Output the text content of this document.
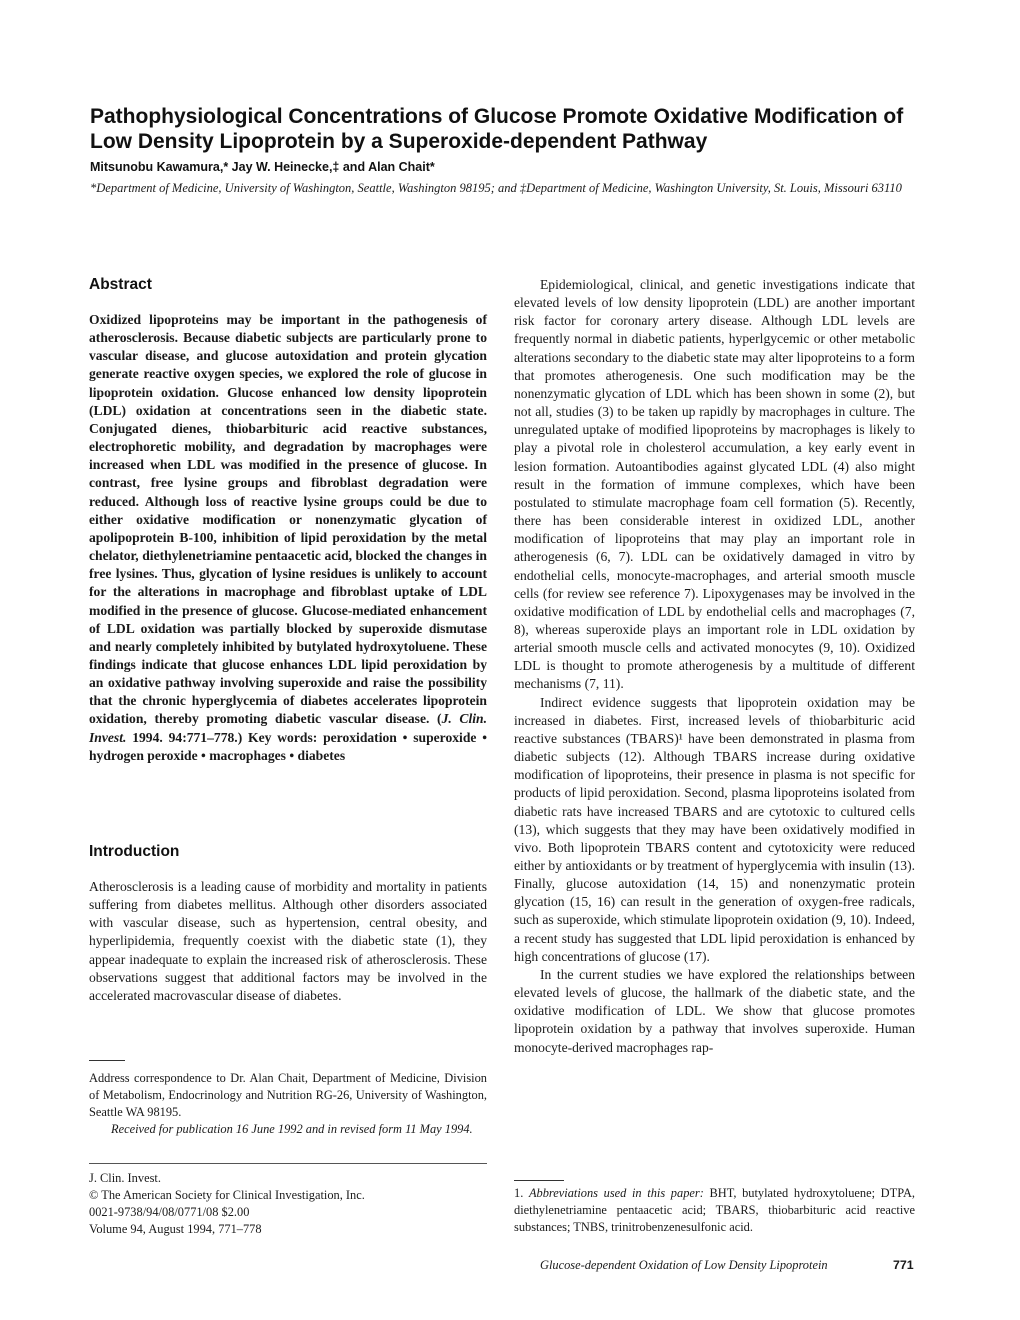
Pathophysiological Concentrations of Glucose Promote Oxidative Modification of Low Density Lipoprotein by a Superoxide-dependent Pathway

Mitsunobu Kawamura,* Jay W. Heinecke,‡ and Alan Chait*

*Department of Medicine, University of Washington, Seattle, Washington 98195; and ‡Department of Medicine, Washington University, St. Louis, Missouri 63110

Abstract

Oxidized lipoproteins may be important in the pathogenesis of atherosclerosis. Because diabetic subjects are particularly prone to vascular disease, and glucose autoxidation and protein glycation generate reactive oxygen species, we explored the role of glucose in lipoprotein oxidation. Glucose enhanced low density lipoprotein (LDL) oxidation at concentrations seen in the diabetic state. Conjugated dienes, thiobarbituric acid reactive substances, electrophoretic mobility, and degradation by macrophages were increased when LDL was modified in the presence of glucose. In contrast, free lysine groups and fibroblast degradation were reduced. Although loss of reactive lysine groups could be due to either oxidative modification or nonenzymatic glycation of apolipoprotein B-100, inhibition of lipid peroxidation by the metal chelator, diethylenetriamine pentaacetic acid, blocked the changes in free lysines. Thus, glycation of lysine residues is unlikely to account for the alterations in macrophage and fibroblast uptake of LDL modified in the presence of glucose. Glucose-mediated enhancement of LDL oxidation was partially blocked by superoxide dismutase and nearly completely inhibited by butylated hydroxytoluene. These findings indicate that glucose enhances LDL lipid peroxidation by an oxidative pathway involving superoxide and raise the possibility that the chronic hyperglycemia of diabetes accelerates lipoprotein oxidation, thereby promoting diabetic vascular disease. (J. Clin. Invest. 1994. 94:771–778.) Key words: peroxidation • superoxide • hydrogen peroxide • macrophages • diabetes

Introduction

Atherosclerosis is a leading cause of morbidity and mortality in patients suffering from diabetes mellitus. Although other disorders associated with vascular disease, such as hypertension, central obesity, and hyperlipidemia, frequently coexist with the diabetic state (1), they appear inadequate to explain the increased risk of atherosclerosis. These observations suggest that additional factors may be involved in the accelerated macrovascular disease of diabetes.

Epidemiological, clinical, and genetic investigations indicate that elevated levels of low density lipoprotein (LDL) are another important risk factor for coronary artery disease. Although LDL levels are frequently normal in diabetic patients, hyperlgycemic or other metabolic alterations secondary to the diabetic state may alter lipoproteins to a form that promotes atherogenesis. One such modification may be the nonenzymatic glycation of LDL which has been shown in some (2), but not all, studies (3) to be taken up rapidly by macrophages in culture. The unregulated uptake of modified lipoproteins by macrophages is likely to play a pivotal role in cholesterol accumulation, a key early event in lesion formation. Autoantibodies against glycated LDL (4) also might result in the formation of immune complexes, which have been postulated to stimulate macrophage foam cell formation (5). Recently, there has been considerable interest in oxidized LDL, another modification of lipoproteins that may play an important role in atherogenesis (6, 7). LDL can be oxidatively damaged in vitro by endothelial cells, monocyte-macrophages, and arterial smooth muscle cells (for review see reference 7). Lipoxygenases may be involved in the oxidative modification of LDL by endothelial cells and macrophages (7, 8), whereas superoxide plays an important role in LDL oxidation by arterial smooth muscle cells and activated monocytes (9, 10). Oxidized LDL is thought to promote atherogenesis by a multitude of different mechanisms (7, 11).

Indirect evidence suggests that lipoprotein oxidation may be increased in diabetes. First, increased levels of thiobarbituric acid reactive substances (TBARS)¹ have been demonstrated in plasma from diabetic subjects (12). Although TBARS increase during oxidative modification of lipoproteins, their presence in plasma is not specific for products of lipid peroxidation. Second, plasma lipoproteins isolated from diabetic rats have increased TBARS and are cytotoxic to cultured cells (13), which suggests that they may have been oxidatively modified in vivo. Both lipoprotein TBARS content and cytotoxicity were reduced either by antioxidants or by treatment of hyperglycemia with insulin (13). Finally, glucose autoxidation (14, 15) and nonenzymatic protein glycation (15, 16) can result in the generation of oxygen-free radicals, such as superoxide, which stimulate lipoprotein oxidation (9, 10). Indeed, a recent study has suggested that LDL lipid peroxidation is enhanced by high concentrations of glucose (17).

In the current studies we have explored the relationships between elevated levels of glucose, the hallmark of the diabetic state, and the oxidative modification of LDL. We show that glucose promotes lipoprotein oxidation by a pathway that involves superoxide. Human monocyte-derived macrophages rap-

Address correspondence to Dr. Alan Chait, Department of Medicine, Division of Metabolism, Endocrinology and Nutrition RG-26, University of Washington, Seattle WA 98195.

Received for publication 16 June 1992 and in revised form 11 May 1994.

J. Clin. Invest.
© The American Society for Clinical Investigation, Inc.
0021-9738/94/08/0771/08 $2.00
Volume 94, August 1994, 771–778

1. Abbreviations used in this paper: BHT, butylated hydroxytoluene; DTPA, diethylenetriamine pentaacetic acid; TBARS, thiobarbituric acid reactive substances; TNBS, trinitrobenzenesulfonic acid.

Glucose-dependent Oxidation of Low Density Lipoprotein	771
